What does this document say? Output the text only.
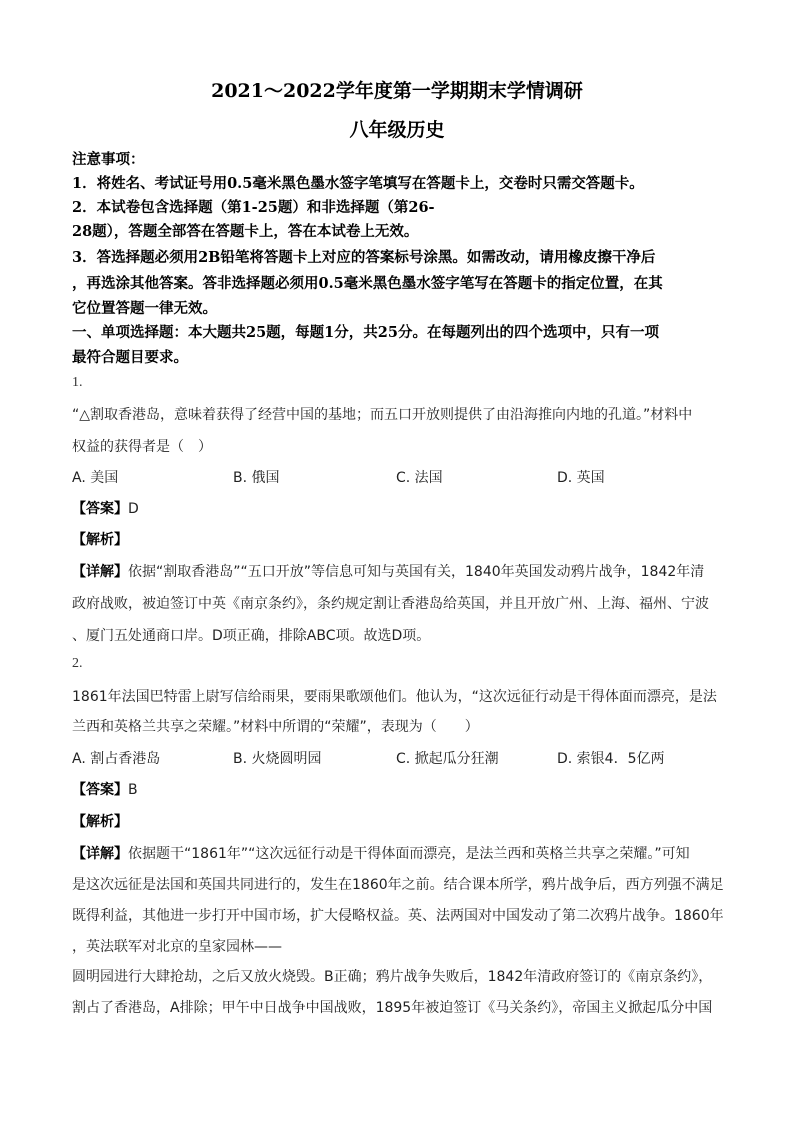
2021～2022学年度第一学期期末学情调研
八年级历史
注意事项：
1．将姓名、考试证号用0.5毫米黑色墨水签字笔填写在答题卡上，交卷时只需交答题卡。
2．本试卷包含选择题（第1-25题）和非选择题（第26-
28题），答题全部答在答题卡上，答在本试卷上无效。
3．答选择题必须用2B铅笔将答题卡上对应的答案标号涂黑。如需改动，请用橡皮擦干净后
，再选涂其他答案。答非选择题必须用0.5毫米黑色墨水签字笔写在答题卡的指定位置，在其
它位置答题一律无效。
一、单项选择题：本大题共25题，每题1分，共25分。在每题列出的四个选项中，只有一项
最符合题目要求。
1.
“△割取香港岛，意味着获得了经营中国的基地；而五口开放则提供了由沿海推向内地的孔道。”材料中
权益的获得者是（　）
A. 美国	B. 俄国	C. 法国	D. 英国
【答案】D
【解析】
【详解】依据“割取香港岛”“五口开放”等信息可知与英国有关，1840年英国发动鸦片战争，1842年清
政府战败，被迫签订中英《南京条约》，条约规定割让香港岛给英国，并且开放广州、上海、福州、宁波
、厦门五处通商口岸。D项正确，排除ABC项。故选D项。
2.
1861年法国巴特雷上尉写信给雨果，要雨果歌颂他们。他认为，“这次远征行动是干得体面而漂亮，是法
兰西和英格兰共享之荣耀。”材料中所谓的“荣耀”，表现为（　　）
A. 割占香港岛	B. 火烧圆明园	C. 掀起瓜分狂潮	D. 索银4．5亿两
【答案】B
【解析】
【详解】依据题干“1861年”“这次远征行动是干得体面而漂亮，是法兰西和英格兰共享之荣耀。”可知
是这次远征是法国和英国共同进行的，发生在1860年之前。结合课本所学，鸦片战争后，西方列强不满足
既得利益，其他进一步打开中国市场，扩大侵略权益。英、法两国对中国发动了第二次鸦片战争。1860年
，英法联军对北京的皇家园林——
圆明园进行大肆抢劫，之后又放火烧毁。B正确；鸦片战争失败后，1842年清政府签订的《南京条约》，
割占了香港岛，A排除；甲午中日战争中国战败，1895年被迫签订《马关条约》，帝国主义掀起瓜分中国
